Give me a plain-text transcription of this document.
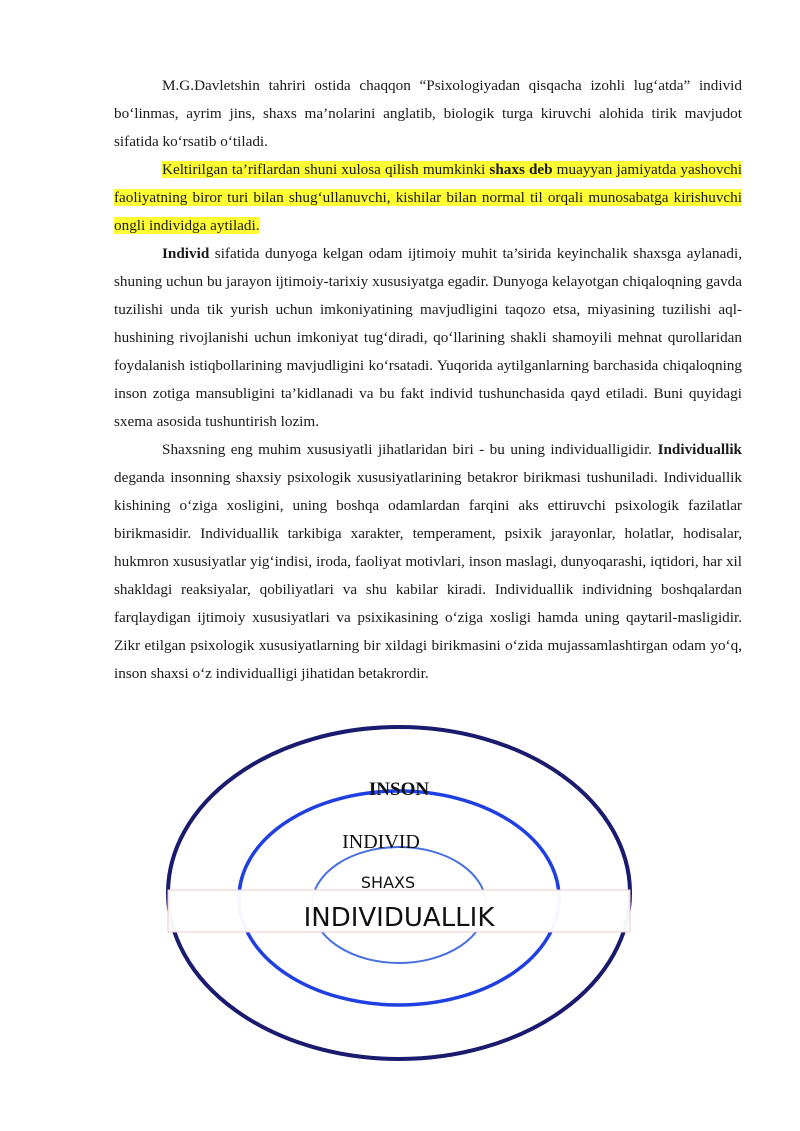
M.G.Davletshin tahriri ostida chaqqon “Psixologiyadan qisqacha izohli lug‘atda” individ bo‘linmas, ayrim jins, shaxs ma’nolarini anglatib, biologik turga kiruvchi alohida tirik mavjudot sifatida ko‘rsatib o‘tiladi.

Keltirilgan ta’riflardan shuni xulosa qilish mumkinki shaxs deb muayyan jamiyatda yashovchi faoliyatning biror turi bilan shug‘ullanuvchi, kishilar bilan normal til orqali munosabatga kirishuvchi ongli individga aytiladi.

Individ sifatida dunyoga kelgan odam ijtimoiy muhit ta’sirida keyinchalik shaxsga aylanadi, shuning uchun bu jarayon ijtimoiy-tarixiy xususiyatga egadir. Dunyoga kelayotgan chiqaloqning gavda tuzilishi unda tik yurish uchun imkoniyatining mavjudligini taqozo etsa, miyasining tuzilishi aql-hushining rivojlanishi uchun imkoniyat tug‘diradi, qo‘llarining shakli shamoyili mehnat qurollaridan foydalanish istiqbollarining mavjudligini ko‘rsatadi. Yuqorida aytilganlarning barchasida chiqaloqning inson zotiga mansubligini ta’kidlanadi va bu fakt individ tushunchasida qayd etiladi. Buni quyidagi sxema asosida tushuntirish lozim.

Shaxsning eng muhim xususiyatli jihatlaridan biri - bu uning individualligidir. Individuallik deganda insonning shaxsiy psixologik xususiyatlarining betakror birikmasi tushuniladi. Individuallik kishining o‘ziga xosligini, uning boshqa odamlardan farqini aks ettiruvchi psixologik fazilatlar birikmasidir. Individuallik tarkibiga xarakter, temperament, psixik jarayonlar, holatlar, hodisalar, hukmron xususiyatlar yig‘indisi, iroda, faoliyat motivlari, inson maslagi, dunyoqarashi, iqtidori, har xil shakldagi reaksiyalar, qobiliyatlari va shu kabilar kiradi. Individuallik individning boshqalardan farqlaydigan ijtimoiy xususiyatlari va psixikasining o‘ziga xosligi hamda uning qaytaril-masligidir. Zikr etilgan psixologik xususiyatlarning bir xildagi birikmasini o‘zida mujassamlashtirgan odam yo‘q, inson shaxsi o‘z individualligi jihatidan betakrordir.

INSON
INDIVID
SHAXS
INDIVIDUALLIK
